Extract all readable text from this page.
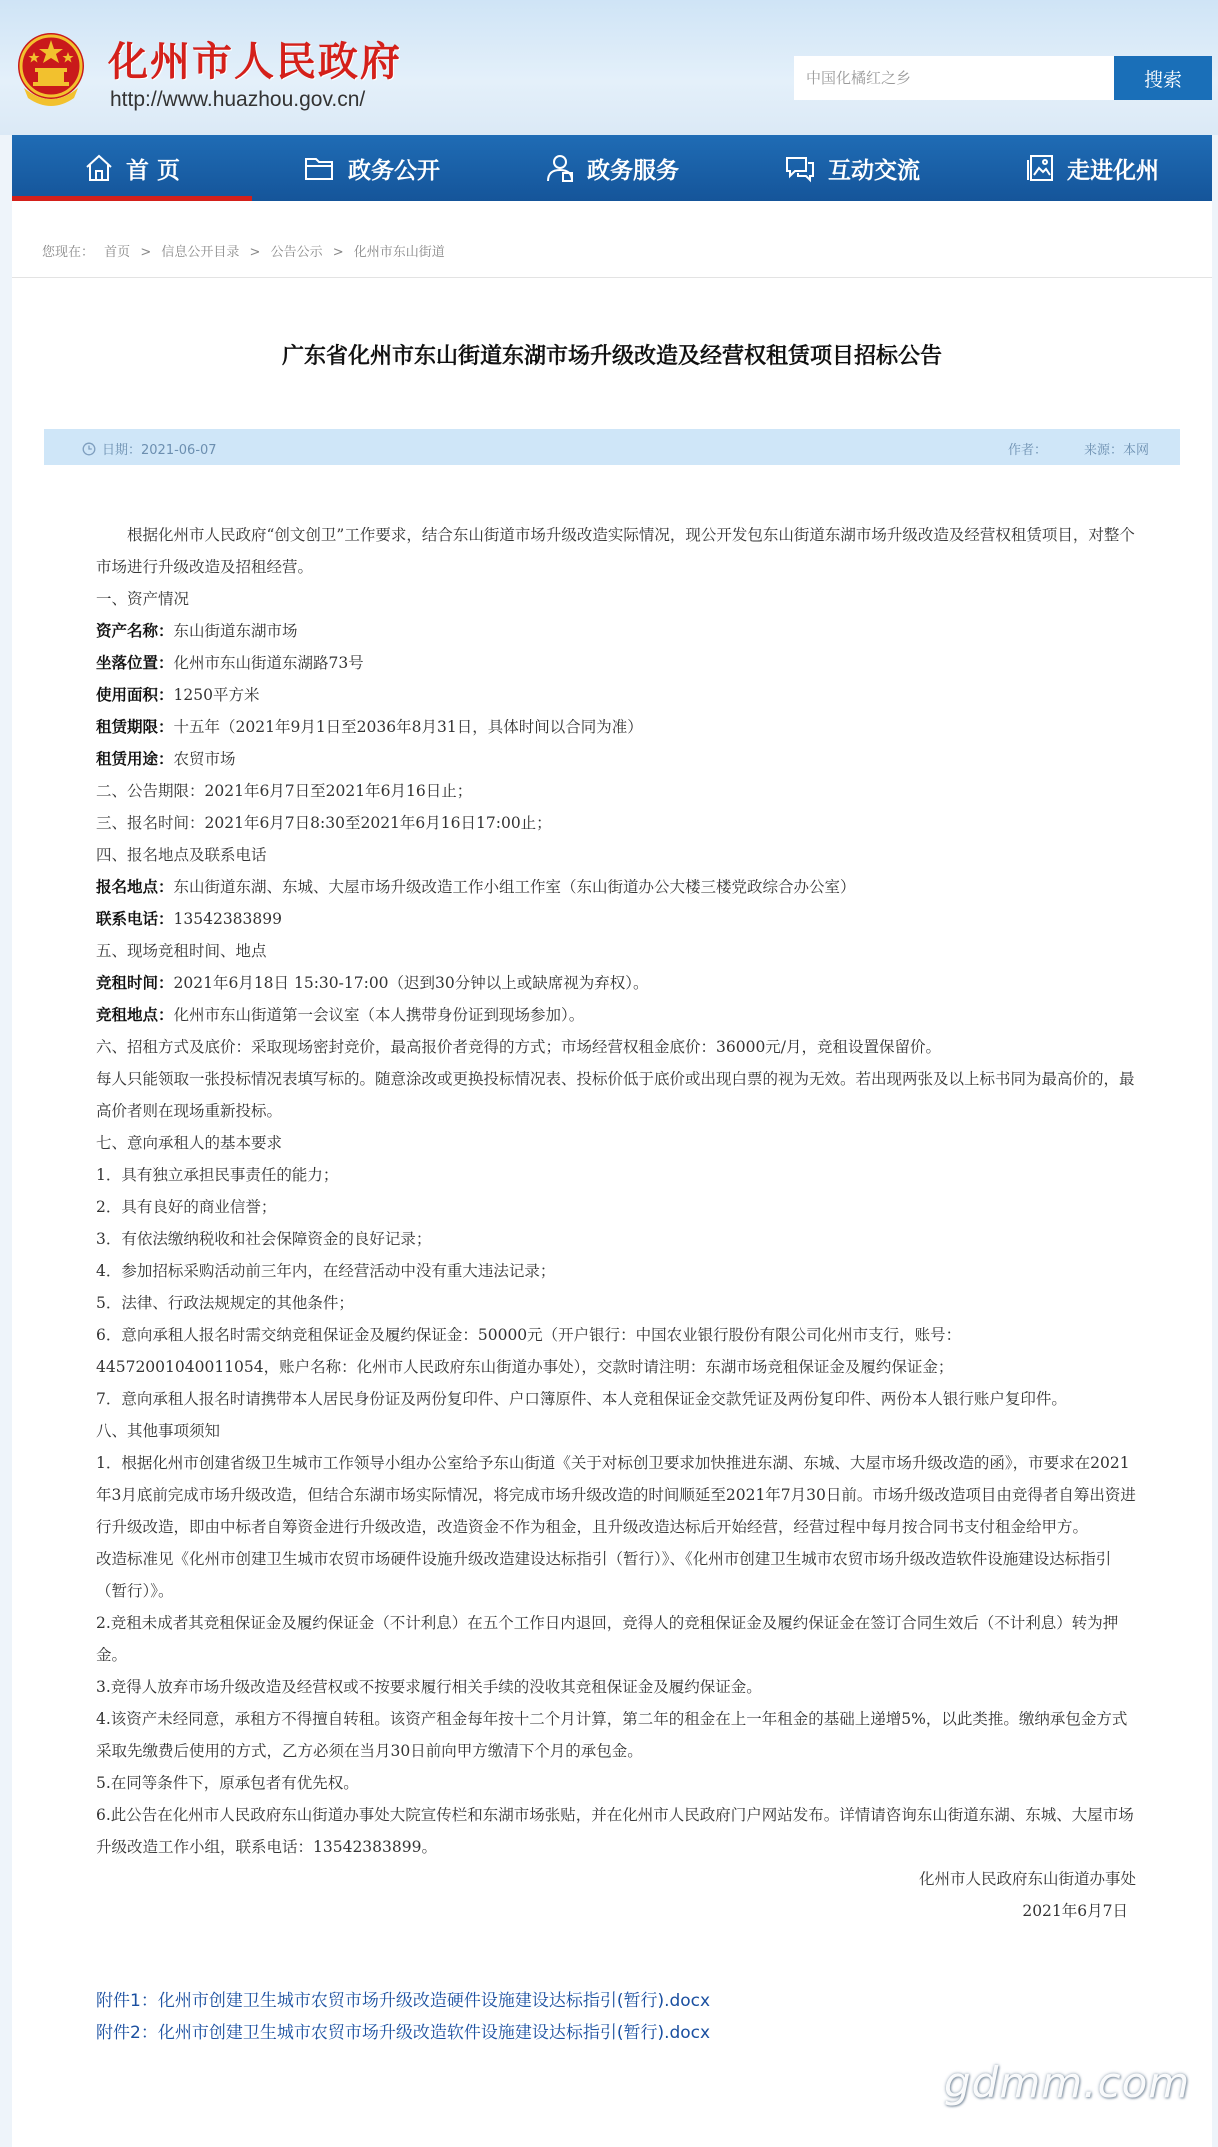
化州市人民政府
http://www.huazhou.gov.cn/
中国化橘红之乡
搜索
首 页	政务公开	政务服务	互动交流	走进化州
您现在： 首页 > 信息公开目录 > 公告公示 > 化州市东山街道
广东省化州市东山街道东湖市场升级改造及经营权租赁项目招标公告
日期：2021-06-07	作者：	来源：本网

根据化州市人民政府“创文创卫”工作要求，结合东山街道市场升级改造实际情况，现公开发包东山街道东湖市场升级改造及经营权租赁项目，对整个市场进行升级改造及招租经营。

一、资产情况

资产名称：东山街道东湖市场

坐落位置：化州市东山街道东湖路73号

使用面积：1250平方米

租赁期限：十五年（2021年9月1日至2036年8月31日，具体时间以合同为准）

租赁用途：农贸市场

二、公告期限：2021年6月7日至2021年6月16日止；

三、报名时间：2021年6月7日8:30至2021年6月16日17:00止；

四、报名地点及联系电话

报名地点：东山街道东湖、东城、大屋市场升级改造工作小组工作室（东山街道办公大楼三楼党政综合办公室）

联系电话：13542383899

五、现场竞租时间、地点

竞租时间：2021年6月18日 15:30-17:00（迟到30分钟以上或缺席视为弃权）。

竞租地点：化州市东山街道第一会议室（本人携带身份证到现场参加）。

六、招租方式及底价：采取现场密封竞价，最高报价者竞得的方式；市场经营权租金底价：36000元/月，竞租设置保留价。

每人只能领取一张投标情况表填写标的。随意涂改或更换投标情况表、投标价低于底价或出现白票的视为无效。若出现两张及以上标书同为最高价的，最高价者则在现场重新投标。

七、意向承租人的基本要求

1．具有独立承担民事责任的能力；

2．具有良好的商业信誉；

3．有依法缴纳税收和社会保障资金的良好记录；

4．参加招标采购活动前三年内，在经营活动中没有重大违法记录；

5．法律、行政法规规定的其他条件；

6．意向承租人报名时需交纳竞租保证金及履约保证金：50000元（开户银行：中国农业银行股份有限公司化州市支行，账号：44572001040011054，账户名称：化州市人民政府东山街道办事处），交款时请注明：东湖市场竞租保证金及履约保证金；

7．意向承租人报名时请携带本人居民身份证及两份复印件、户口簿原件、本人竞租保证金交款凭证及两份复印件、两份本人银行账户复印件。

八、其他事项须知

1．根据化州市创建省级卫生城市工作领导小组办公室给予东山街道《关于对标创卫要求加快推进东湖、东城、大屋市场升级改造的函》，市要求在2021年3月底前完成市场升级改造，但结合东湖市场实际情况，将完成市场升级改造的时间顺延至2021年7月30日前。市场升级改造项目由竞得者自筹出资进行升级改造，即由中标者自筹资金进行升级改造，改造资金不作为租金，且升级改造达标后开始经营，经营过程中每月按合同书支付租金给甲方。

改造标准见《化州市创建卫生城市农贸市场硬件设施升级改造建设达标指引（暂行）》、《化州市创建卫生城市农贸市场升级改造软件设施建设达标指引（暂行）》。

2.竞租未成者其竞租保证金及履约保证金（不计利息）在五个工作日内退回，竞得人的竞租保证金及履约保证金在签订合同生效后（不计利息）转为押金。

3.竞得人放弃市场升级改造及经营权或不按要求履行相关手续的没收其竞租保证金及履约保证金。

4.该资产未经同意，承租方不得擅自转租。该资产租金每年按十二个月计算，第二年的租金在上一年租金的基础上递增5%，以此类推。缴纳承包金方式采取先缴费后使用的方式，乙方必须在当月30日前向甲方缴清下个月的承包金。

5.在同等条件下，原承包者有优先权。

6.此公告在化州市人民政府东山街道办事处大院宣传栏和东湖市场张贴，并在化州市人民政府门户网站发布。详情请咨询东山街道东湖、东城、大屋市场升级改造工作小组，联系电话：13542383899。

化州市人民政府东山街道办事处

2021年6月7日

附件1：化州市创建卫生城市农贸市场升级改造硬件设施建设达标指引(暂行).docx
附件2：化州市创建卫生城市农贸市场升级改造软件设施建设达标指引(暂行).docx
gdmm.com
